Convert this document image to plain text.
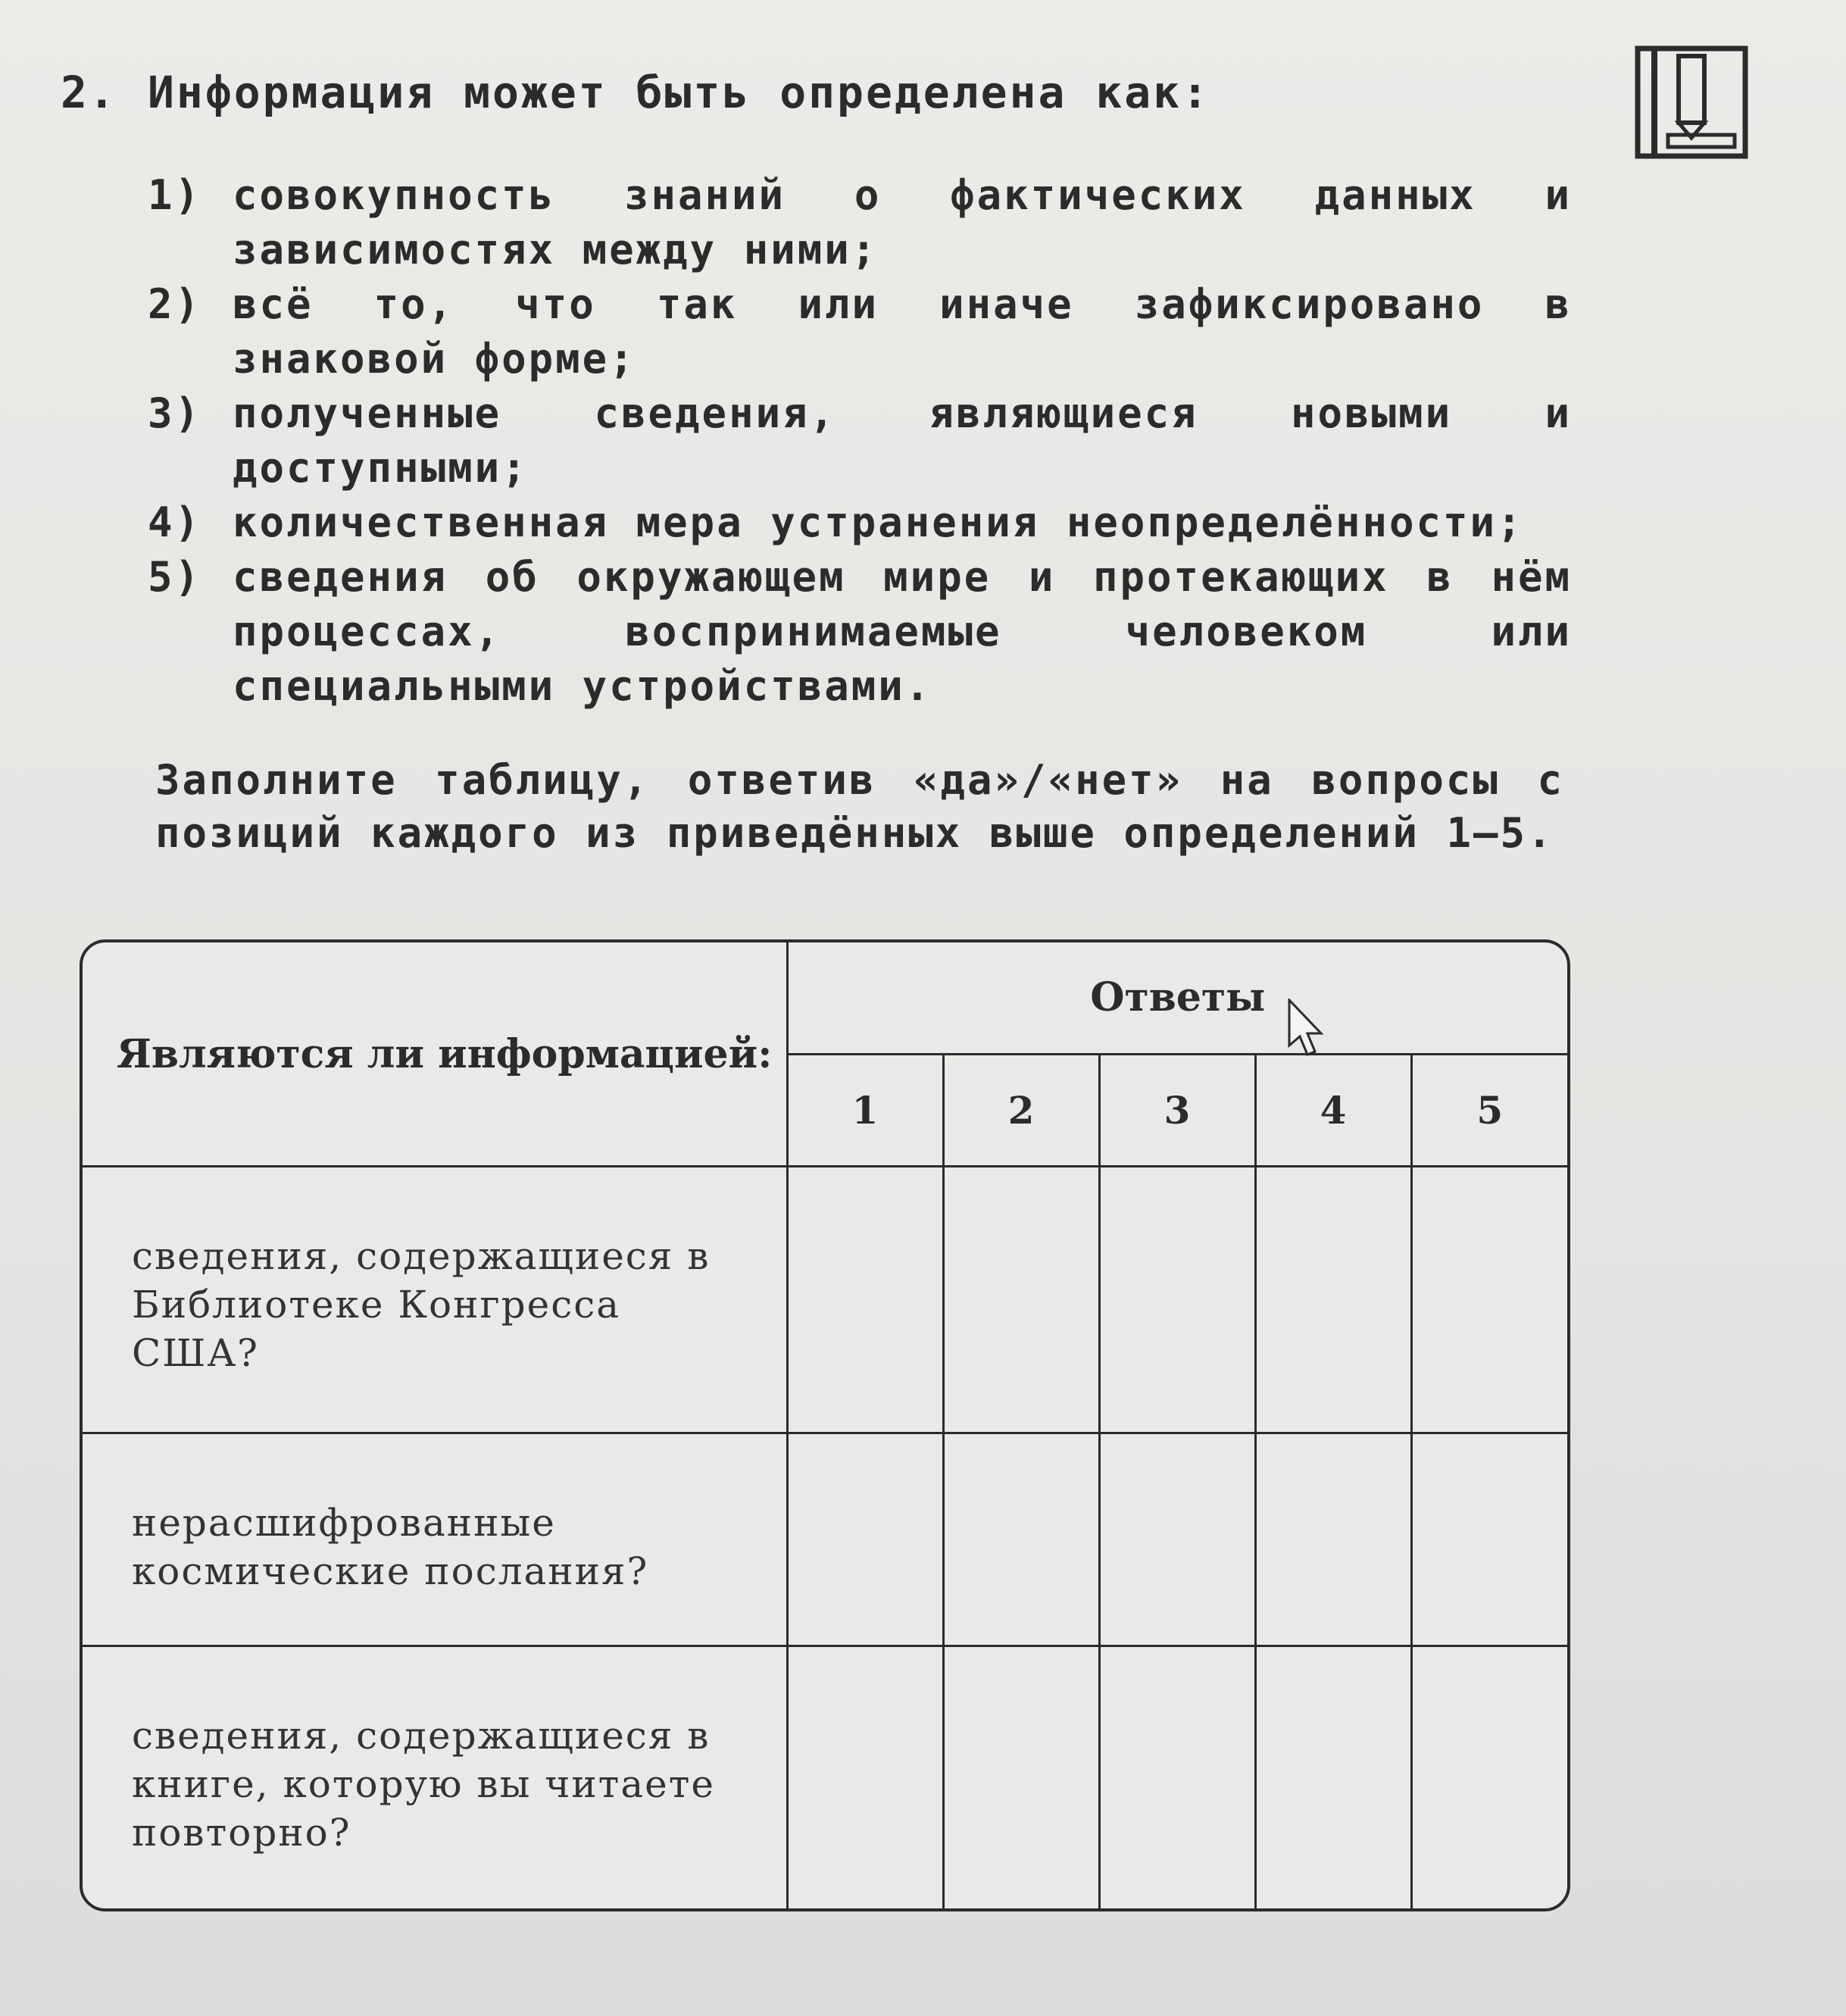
2. Информация может быть определена как:
1) совокупность знаний о фактических данных и зависимостях между ними;
2) всё то, что так или иначе зафиксировано в знаковой форме;
3) полученные сведения, являющиеся новыми и доступными;
4) количественная мера устранения неопределённости;
5) сведения об окружающем мире и протекающих в нём процессах, воспринимаемые человеком или специальными устройствами.
Заполните таблицу, ответив «да»/«нет» на вопросы с позиций каждого из приведённых выше определений 1–5.
Являются ли информацией:	Ответы				
	1	2	3	4	5
сведения, содержащиеся в Библиотеке Конгресса США?					
нерасшифрованные космические послания?					
сведения, содержащиеся в книге, которую вы читаете повторно?					
